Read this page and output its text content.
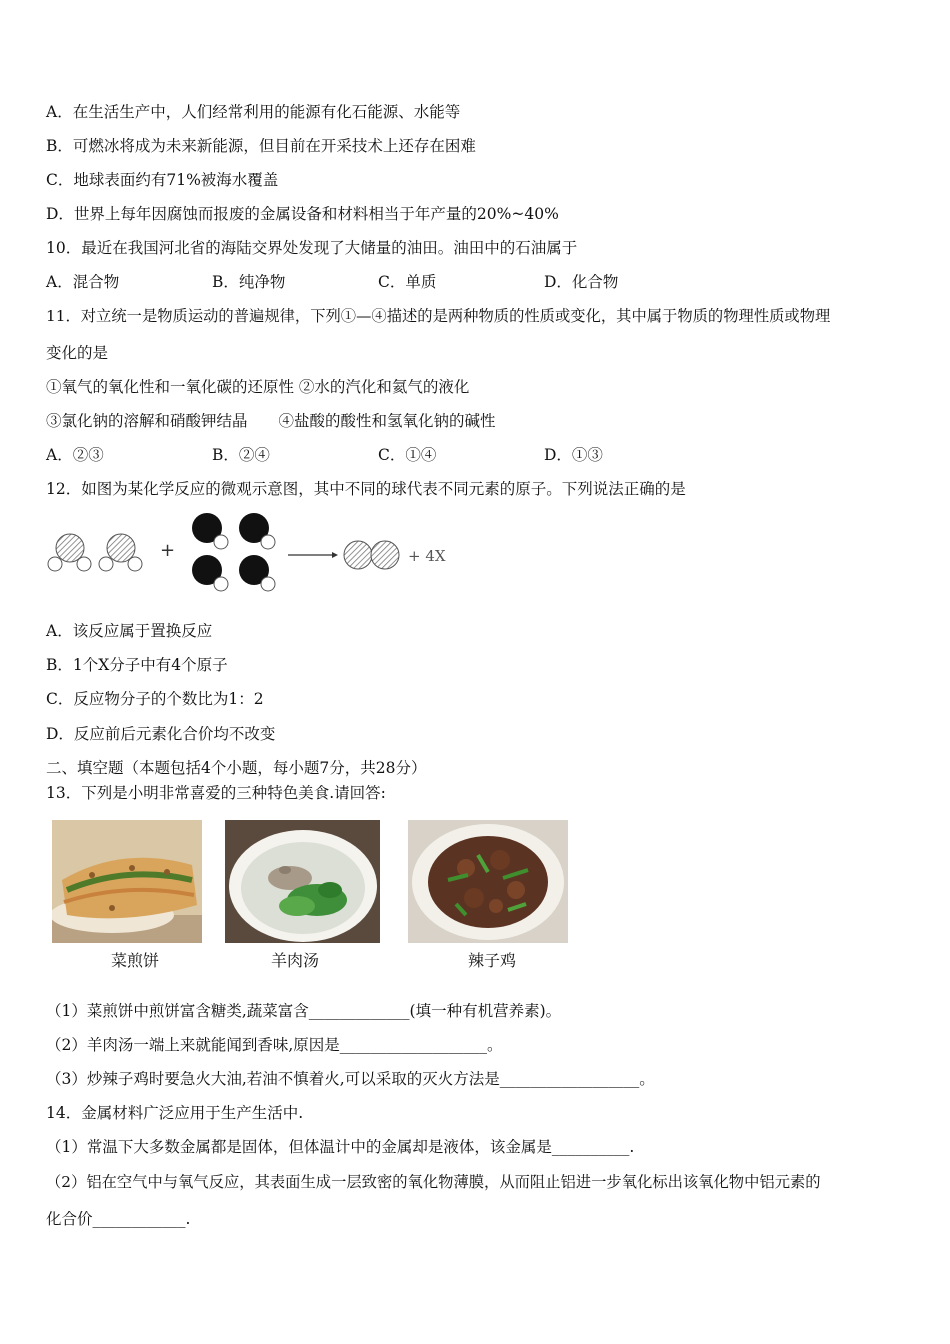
A．在生活生产中，人们经常利用的能源有化石能源、水能等
B．可燃冰将成为未来新能源，但目前在开采技术上还存在困难
C．地球表面约有71%被海水覆盖
D．世界上每年因腐蚀而报废的金属设备和材料相当于年产量的20%~40%
10．最近在我国河北省的海陆交界处发现了大储量的油田。油田中的石油属于
A．混合物	B．纯净物	C．单质	D．化合物
11．对立统一是物质运动的普遍规律，下列①—④描述的是两种物质的性质或变化，其中属于物质的物理性质或物理
变化的是
①氧气的氧化性和一氧化碳的还原性 ②水的汽化和氦气的液化
③氯化钠的溶解和硝酸钾结晶　　④盐酸的酸性和氢氧化钠的碱性
A．②③	B．②④	C．①④	D．①③
12．如图为某化学反应的微观示意图，其中不同的球代表不同元素的原子。下列说法正确的是
+	+ 4X
A．该反应属于置换反应
B．1个X分子中有4个原子
C．反应物分子的个数比为1：2
D．反应前后元素化合价均不改变
二、填空题（本题包括4个小题，每小题7分，共28分）
13．下列是小明非常喜爱的三种特色美食.请回答:
菜煎饼	羊肉汤	辣子鸡
（1）菜煎饼中煎饼富含糖类,蔬菜富含_____________(填一种有机营养素)。
（2）羊肉汤一端上来就能闻到香味,原因是___________________。
（3）炒辣子鸡时要急火大油,若油不慎着火,可以采取的灭火方法是__________________。
14．金属材料广泛应用于生产生活中.
（1）常温下大多数金属都是固体，但体温计中的金属却是液体，该金属是__________.
（2）铝在空气中与氧气反应，其表面生成一层致密的氧化物薄膜，从而阻止铝进一步氧化标出该氧化物中铝元素的
化合价____________.
